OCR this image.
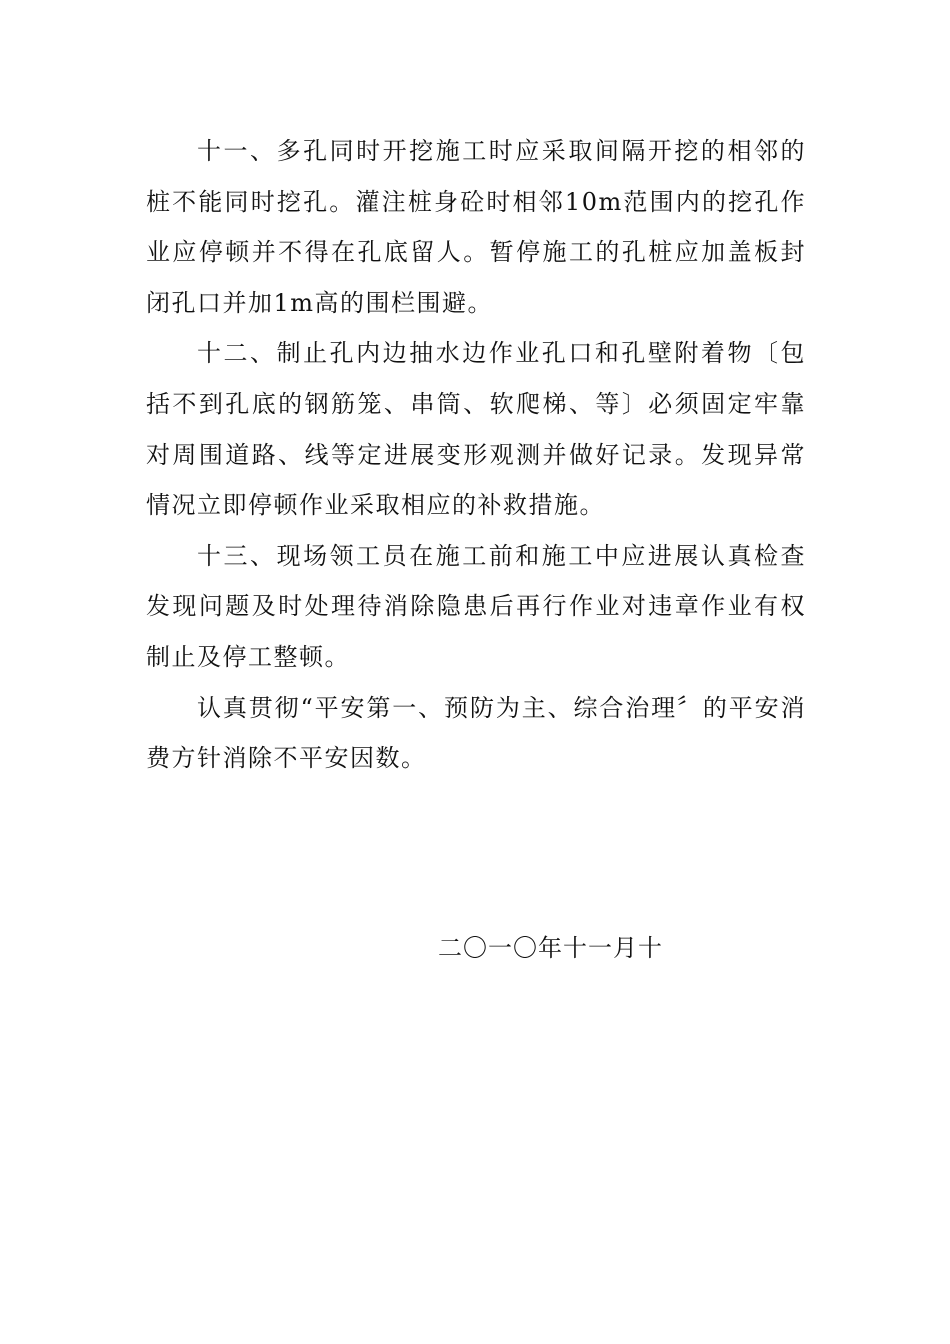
十一、多孔同时开挖施工时应采取间隔开挖的相邻的桩不能同时挖孔。灌注桩身砼时相邻10m范围内的挖孔作业应停顿并不得在孔底留人。暂停施工的孔桩应加盖板封闭孔口并加1m高的围栏围避。

十二、制止孔内边抽水边作业孔口和孔壁附着物〔包括不到孔底的钢筋笼、串筒、软爬梯、等〕必须固定牢靠对周围道路、线等定进展变形观测并做好记录。发现异常情况立即停顿作业采取相应的补救措施。

十三、现场领工员在施工前和施工中应进展认真检查发现问题及时处理待消除隐患后再行作业对违章作业有权制止及停工整顿。

认真贯彻“平安第一、预防为主、综合治理〞的平安消费方针消除不平安因数。

二〇一〇年十一月十
